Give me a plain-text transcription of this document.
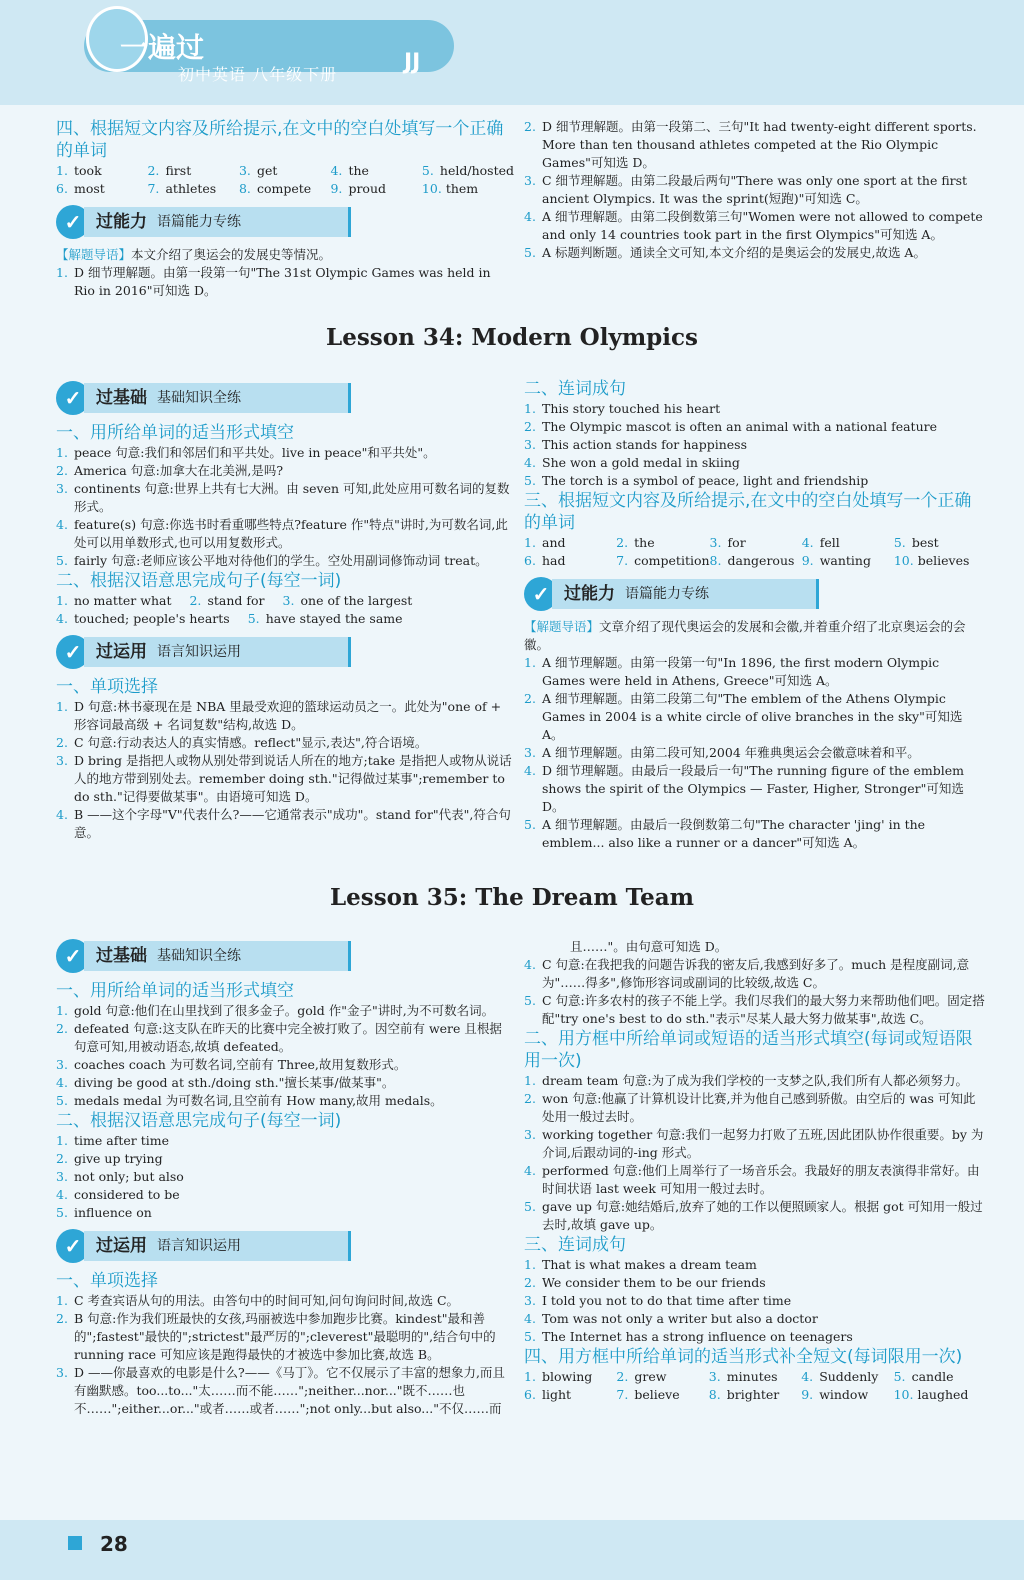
一遍过
初中英语 八年级下册	JJ

四、根据短文内容及所给提示,在文中的空白处填写一个正确的单词

1. took	2. first	3. get	4. the	5. held/hosted
6. most	7. athletes 8. compete 9. proud	10. them
✓ 过能力 语篇能力专练

【解题导语】本文介绍了奥运会的发展史等情况。

1. D 细节理解题。由第一段第一句"The 31st Olympic Games was held in Rio in 2016"可知选 D。
2. D 细节理解题。由第一段第二、三句"It had twenty-eight different sports. More than ten thousand athletes competed at the Rio Olympic Games"可知选 D。
3. C 细节理解题。由第二段最后两句"There was only one sport at the first ancient Olympics. It was the sprint(短跑)"可知选 C。
4. A 细节理解题。由第二段倒数第三句"Women were not allowed to compete and only 14 countries took part in the first Olympics"可知选 A。
5. A 标题判断题。通读全文可知,本文介绍的是奥运会的发展史,故选 A。
Lesson 34: Modern Olympics
✓ 过基础 基础知识全练

一、用所给单词的适当形式填空

1. peace 句意:我们和邻居们和平共处。live in peace"和平共处"。
2. America 句意:加拿大在北美洲,是吗?
3. continents 句意:世界上共有七大洲。由 seven 可知,此处应用可数名词的复数形式。
4. feature(s) 句意:你选书时看重哪些特点?feature 作"特点"讲时,为可数名词,此处可以用单数形式,也可以用复数形式。
5. fairly 句意:老师应该公平地对待他们的学生。空处用副词修饰动词 treat。

二、根据汉语意思完成句子(每空一词)

1. no matter what 2. stand for 3. one of the largest
4. touched; people's hearts 5. have stayed the same
✓ 过运用 语言知识运用

一、单项选择

1. D 句意:林书豪现在是 NBA 里最受欢迎的篮球运动员之一。此处为"one of + 形容词最高级 + 名词复数"结构,故选 D。
2. C 句意:行动表达人的真实情感。reflect"显示,表达",符合语境。
3. D bring 是指把人或物从别处带到说话人所在的地方;take 是指把人或物从说话人的地方带到别处去。remember doing sth."记得做过某事";remember to do sth."记得要做某事"。由语境可知选 D。
4. B ——这个字母"V"代表什么?——它通常表示"成功"。stand for"代表",符合句意。

二、连词成句

1. This story touched his heart
2. The Olympic mascot is often an animal with a national feature
3. This action stands for happiness
4. She won a gold medal in skiing
5. The torch is a symbol of peace, light and friendship

三、根据短文内容及所给提示,在文中的空白处填写一个正确的单词

1. and	2. the	3. for	4. fell	5. best
6. had	7. competition 8. dangerous 9. wanting 10. believes
✓ 过能力 语篇能力专练

【解题导语】文章介绍了现代奥运会的发展和会徽,并着重介绍了北京奥运会的会徽。

1. A 细节理解题。由第一段第一句"In 1896, the first modern Olympic Games were held in Athens, Greece"可知选 A。
2. A 细节理解题。由第二段第二句"The emblem of the Athens Olympic Games in 2004 is a white circle of olive branches in the sky"可知选 A。
3. A 细节理解题。由第二段可知,2004 年雅典奥运会会徽意味着和平。
4. D 细节理解题。由最后一段最后一句"The running figure of the emblem shows the spirit of the Olympics — Faster, Higher, Stronger"可知选 D。
5. A 细节理解题。由最后一段倒数第二句"The character 'jing' in the emblem... also like a runner or a dancer"可知选 A。
Lesson 35: The Dream Team
✓ 过基础 基础知识全练

一、用所给单词的适当形式填空

1. gold 句意:他们在山里找到了很多金子。gold 作"金子"讲时,为不可数名词。
2. defeated 句意:这支队在昨天的比赛中完全被打败了。因空前有 were 且根据句意可知,用被动语态,故填 defeated。
3. coaches coach 为可数名词,空前有 Three,故用复数形式。
4. diving be good at sth./doing sth."擅长某事/做某事"。
5. medals medal 为可数名词,且空前有 How many,故用 medals。

二、根据汉语意思完成句子(每空一词)

1. time after time
2. give up trying
3. not only; but also
4. considered to be
5. influence on
✓ 过运用 语言知识运用

一、单项选择

1. C 考查宾语从句的用法。由答句中的时间可知,问句询问时间,故选 C。
2. B 句意:作为我们班最快的女孩,玛丽被选中参加跑步比赛。kindest"最和善的";fastest"最快的";strictest"最严厉的";cleverest"最聪明的",结合句中的 running race 可知应该是跑得最快的才被选中参加比赛,故选 B。
3. D ——你最喜欢的电影是什么?——《马丁》。它不仅展示了丰富的想象力,而且有幽默感。too...to..."太……而不能……";neither...nor..."既不……也不……";either...or..."或者……或者……";not only...but also..."不仅……而

且……"。由句意可知选 D。

4. C 句意:在我把我的问题告诉我的密友后,我感到好多了。much 是程度副词,意为"……得多",修饰形容词或副词的比较级,故选 C。
5. C 句意:许多农村的孩子不能上学。我们尽我们的最大努力来帮助他们吧。固定搭配"try one's best to do sth."表示"尽某人最大努力做某事",故选 C。

二、用方框中所给单词或短语的适当形式填空(每词或短语限用一次)

1. dream team 句意:为了成为我们学校的一支梦之队,我们所有人都必须努力。
2. won 句意:他赢了计算机设计比赛,并为他自己感到骄傲。由空后的 was 可知此处用一般过去时。
3. working together 句意:我们一起努力打败了五班,因此团队协作很重要。by 为介词,后跟动词的-ing 形式。
4. performed 句意:他们上周举行了一场音乐会。我最好的朋友表演得非常好。由时间状语 last week 可知用一般过去时。
5. gave up 句意:她结婚后,放弃了她的工作以便照顾家人。根据 got 可知用一般过去时,故填 gave up。

三、连词成句

1. That is what makes a dream team
2. We consider them to be our friends
3. I told you not to do that time after time
4. Tom was not only a writer but also a doctor
5. The Internet has a strong influence on teenagers

四、用方框中所给单词的适当形式补全短文(每词限用一次)

1. blowing 2. grew	3. minutes 4. Suddenly 5. candle
6. light	7. believe 8. brighter 9. window 10. laughed
28
